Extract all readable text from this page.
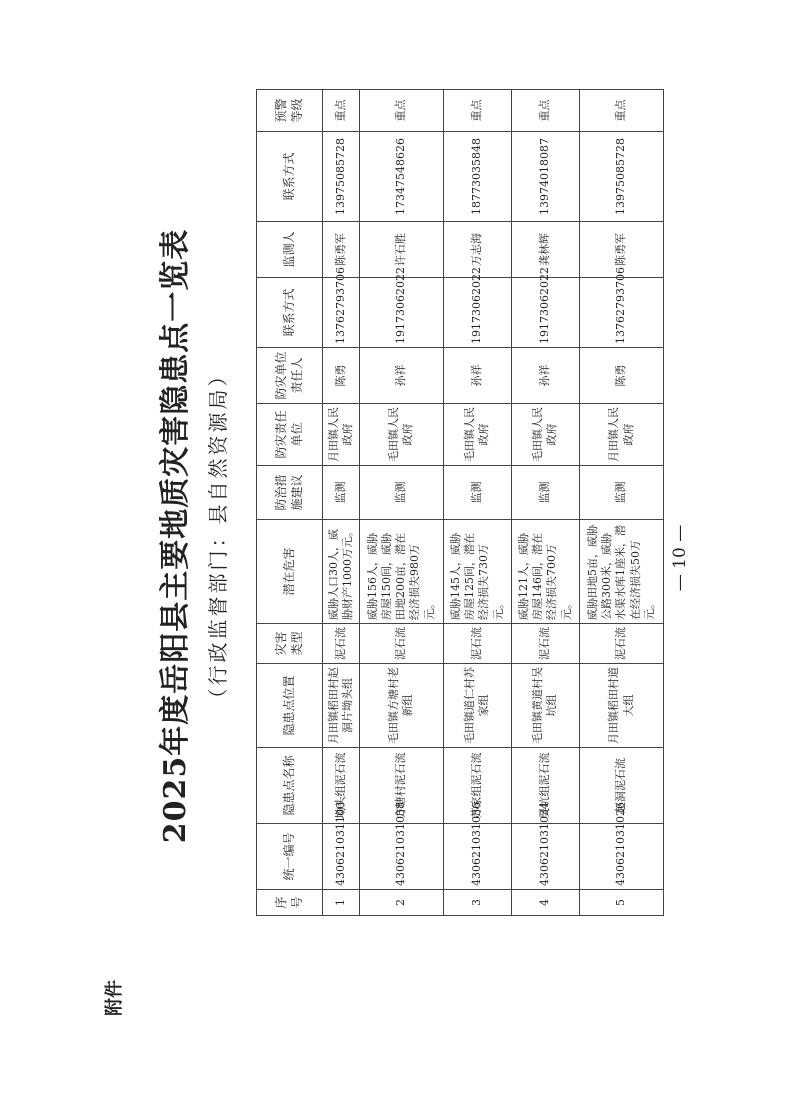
附件
2025年度岳阳县主要地质灾害隐患点一览表 （行政监督部门：县自然资源局）
序号	统一编号	隐患点名称	隐患点位置	灾害类型	潜在危害	防治措施建议	防灾责任单位	防灾单位责任人	联系方式	监测人	联系方式	预警等级
1	430621031100	坳头组泥石流	月田镇稻田村赵洞片坳头组	泥石流	威胁人口30人，威胁财产1000万元。	监测	月田镇人民政府	陈勇	13762793706	陈勇军	13975085728	重点
2	430621031038	方塘村泥石流	毛田镇方塘村老新组	泥石流	威胁156人，威胁房屋150间，威胁田地200亩，潜在经济损失980万元。	监测	毛田镇人民政府	孙祥	19173062022	许石胜	17347548626	重点
3	430621031036	苏家组泥石流	毛田镇道仁村苏家组	泥石流	威胁145人，威胁房屋125间，潜在经济损失730万元。	监测	毛田镇人民政府	孙祥	19173062022	万志海	18773035848	重点
4	430621031034	吴坑组泥石流	毛田镇黄道村吴坑组	泥石流	威胁121人，威胁房屋146间，潜在经济损失700万元。	监测	毛田镇人民政府	孙祥	19173062022	龚林辉	13974018087	重点
5	430621031026	赵洞泥石流	月田镇稻田村道大组	泥石流	威胁田地5亩，威胁公路300米，威胁水渠水库1座米，潜在经济损失50万元。	监测	月田镇人民政府	陈勇	13762793706	陈勇军	13975085728	重点
— 10 —
